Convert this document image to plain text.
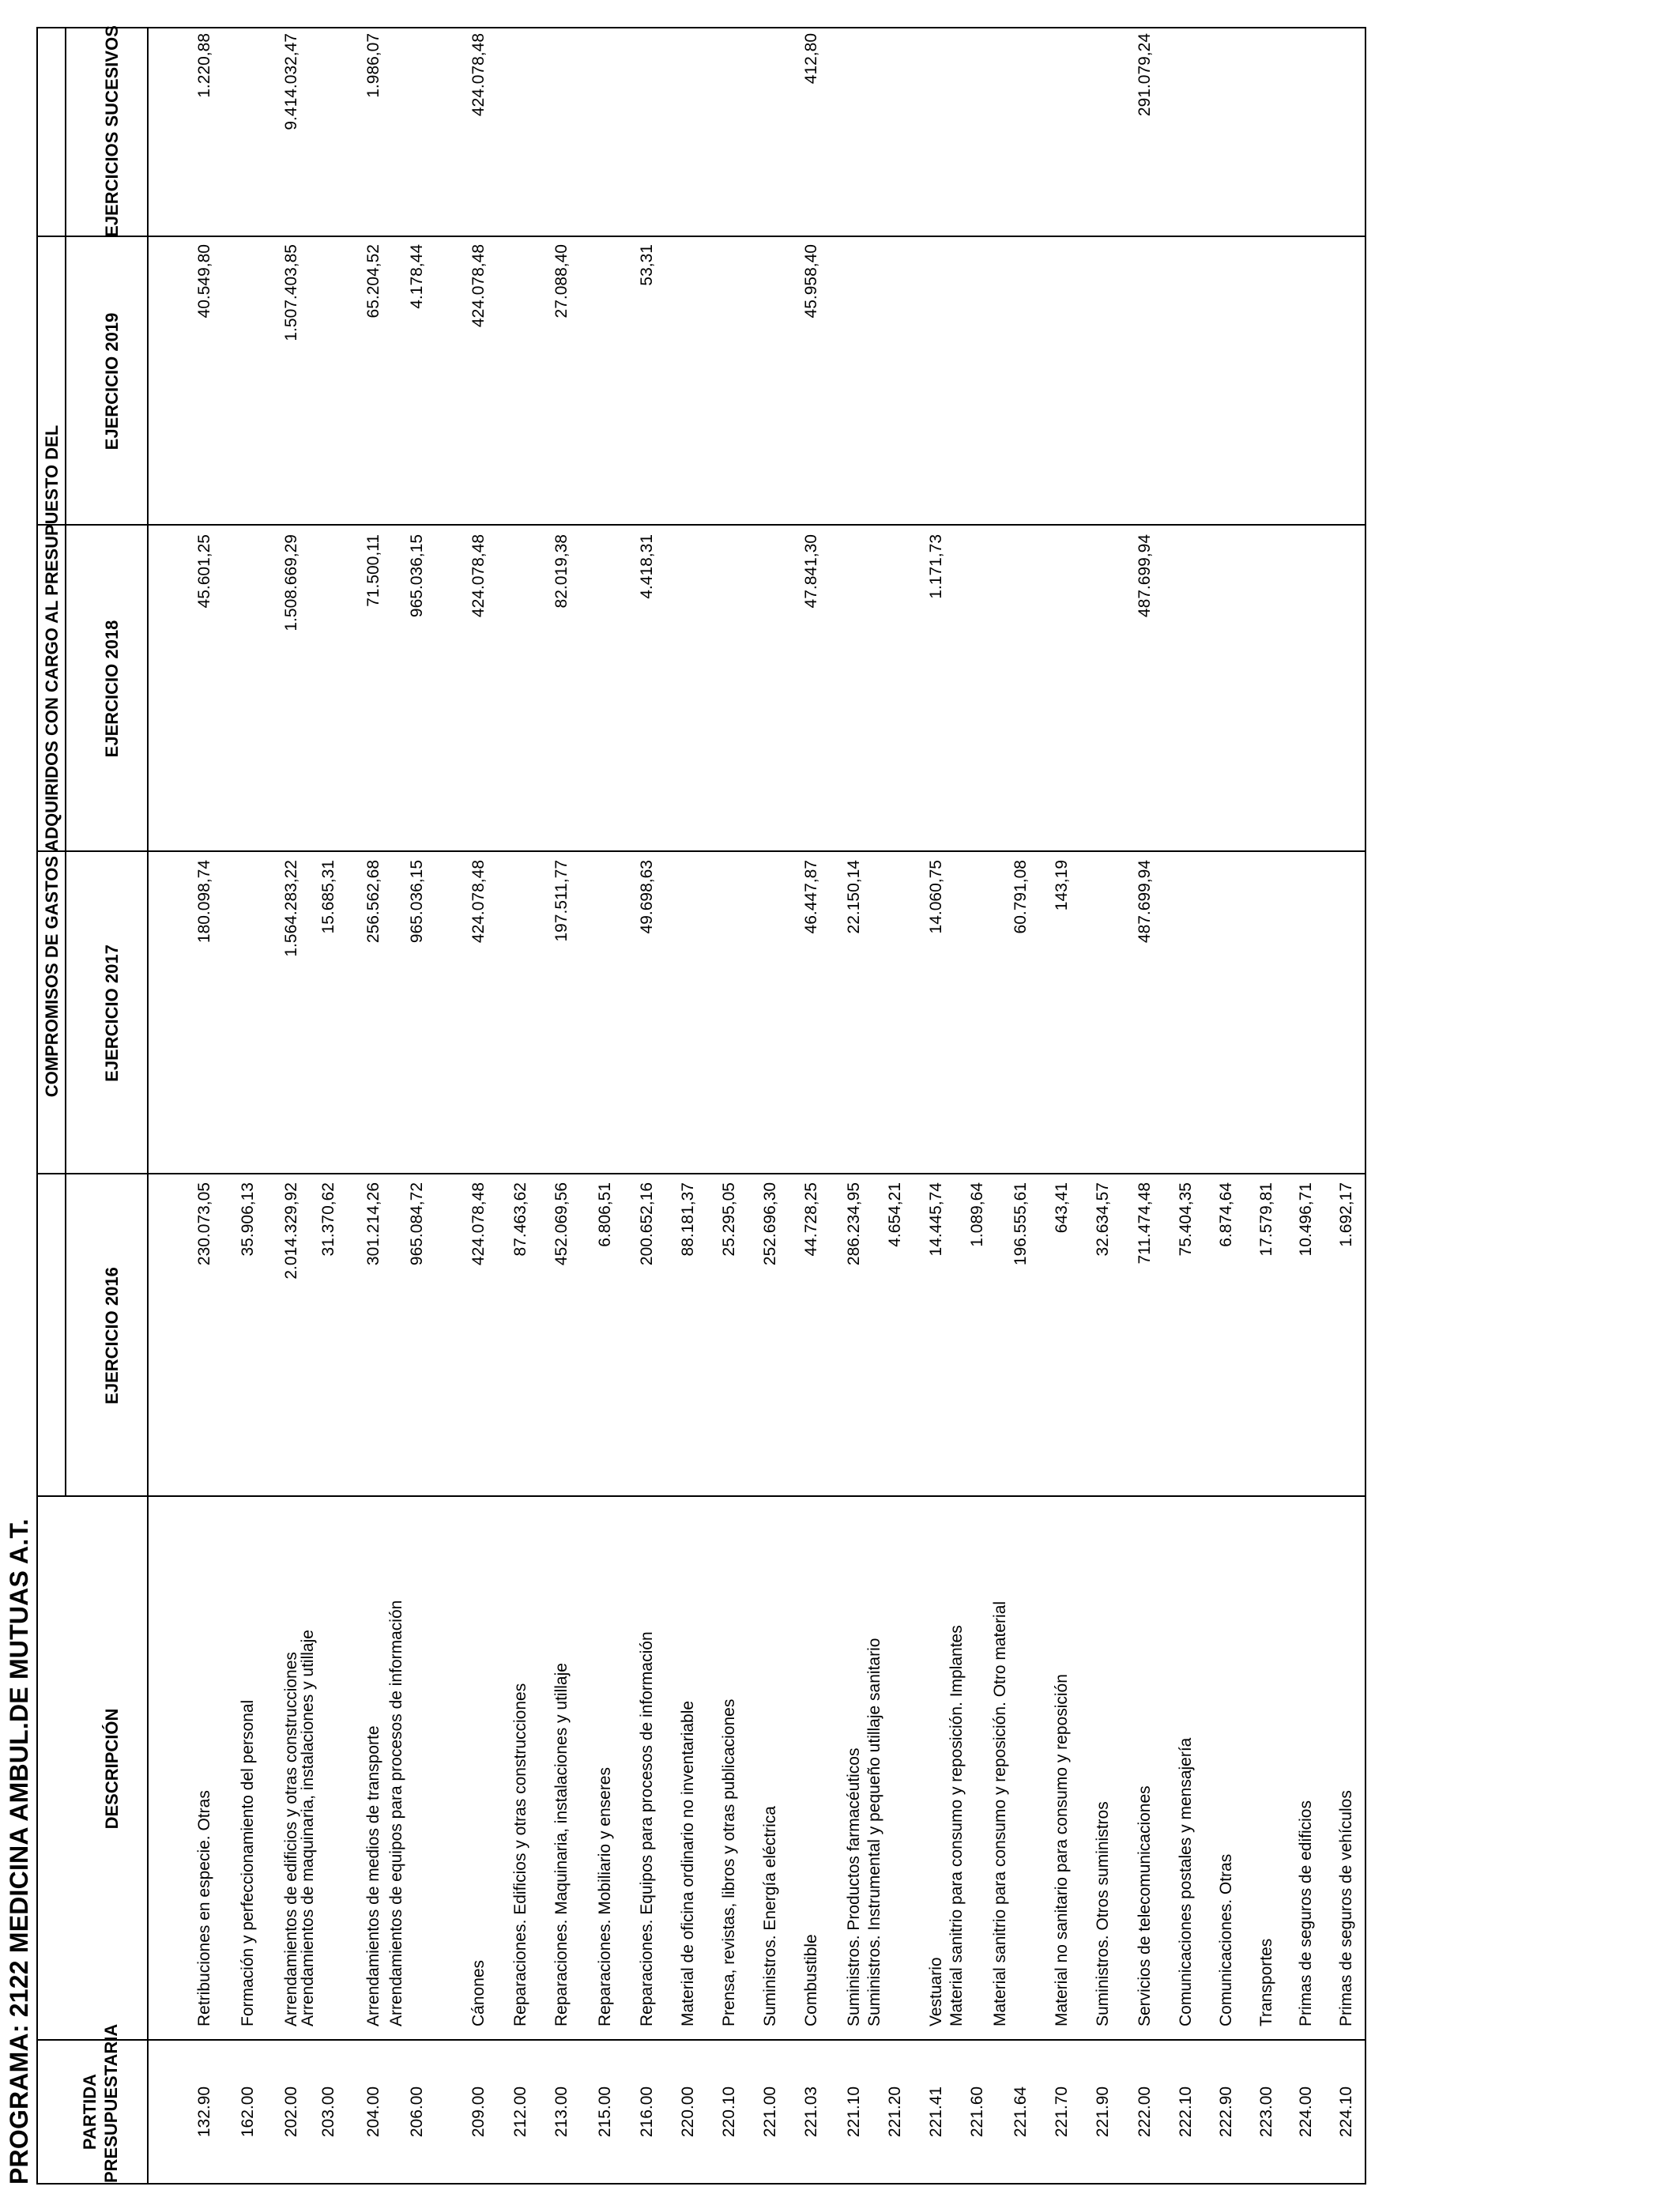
PROGRAMA: 2122 MEDICINA AMBUL.DE MUTUAS A.T.	PARTIDA PRESUPUESTARIA
DESCRIPCIÓN
COMPROMISOS DE GASTOS ADQUIRIDOS CON CARGO AL PRESUPUESTO DEL
EJERCICIO 2016
EJERCICIO 2017
EJERCICIO 2018
EJERCICIO 2019
EJERCICIOS SUCESIVOS
132.90
Retribuciones en especie. Otras
230.073,05
180.098,74
45.601,25
40.549,80
1.220,88
162.00
Formación y perfeccionamiento del personal
35.906,13
202.00
Arrendamientos de edificios y otras construcciones
2.014.329,92
1.564.283,22
1.508.669,29
1.507.403,85
9.414.032,47
203.00
Arrendamientos de maquinaria, instalaciones y utillaje
31.370,62
15.685,31
204.00
Arrendamientos de medios de transporte
301.214,26
256.562,68
71.500,11
65.204,52
1.986,07
206.00
Arrendamientos de equipos para procesos de información
965.084,72
965.036,15
965.036,15
4.178,44
209.00
Cánones
424.078,48
424.078,48
424.078,48
424.078,48
424.078,48
212.00
Reparaciones. Edificios y otras construcciones
87.463,62
213.00
Reparaciones. Maquinaria, instalaciones y utillaje
452.069,56
197.511,77
82.019,38
27.088,40
215.00
Reparaciones. Mobiliario y enseres
6.806,51
216.00
Reparaciones. Equipos para procesos de información
200.652,16
49.698,63
4.418,31
53,31
220.00
Material de oficina ordinario no inventariable
88.181,37
220.10
Prensa, revistas, libros y otras publicaciones
25.295,05
221.00
Suministros. Energía eléctrica
252.696,30
221.03
Combustible
44.728,25
46.447,87
47.841,30
45.958,40
412,80
221.10
Suministros. Productos farmacéuticos
286.234,95
22.150,14
221.20
Suministros. Instrumental y pequeño utillaje sanitario
4.654,21
221.41
Vestuario
14.445,74
14.060,75
1.171,73
221.60
Material sanitrio para consumo y reposición. Implantes
1.089,64
221.64
Material sanitrio para consumo y reposición. Otro material
196.555,61
60.791,08
221.70
Material no sanitario para consumo y reposición
643,41
143,19
221.90
Suministros. Otros suministros
32.634,57
222.00
Servicios de telecomunicaciones
711.474,48
487.699,94
487.699,94
291.079,24
222.10
Comunicaciones postales y mensajería
75.404,35
222.90
Comunicaciones. Otras
6.874,64
223.00
Transportes
17.579,81
224.00
Primas de seguros de edificios
10.496,71
224.10
Primas de seguros de vehículos
1.692,17
